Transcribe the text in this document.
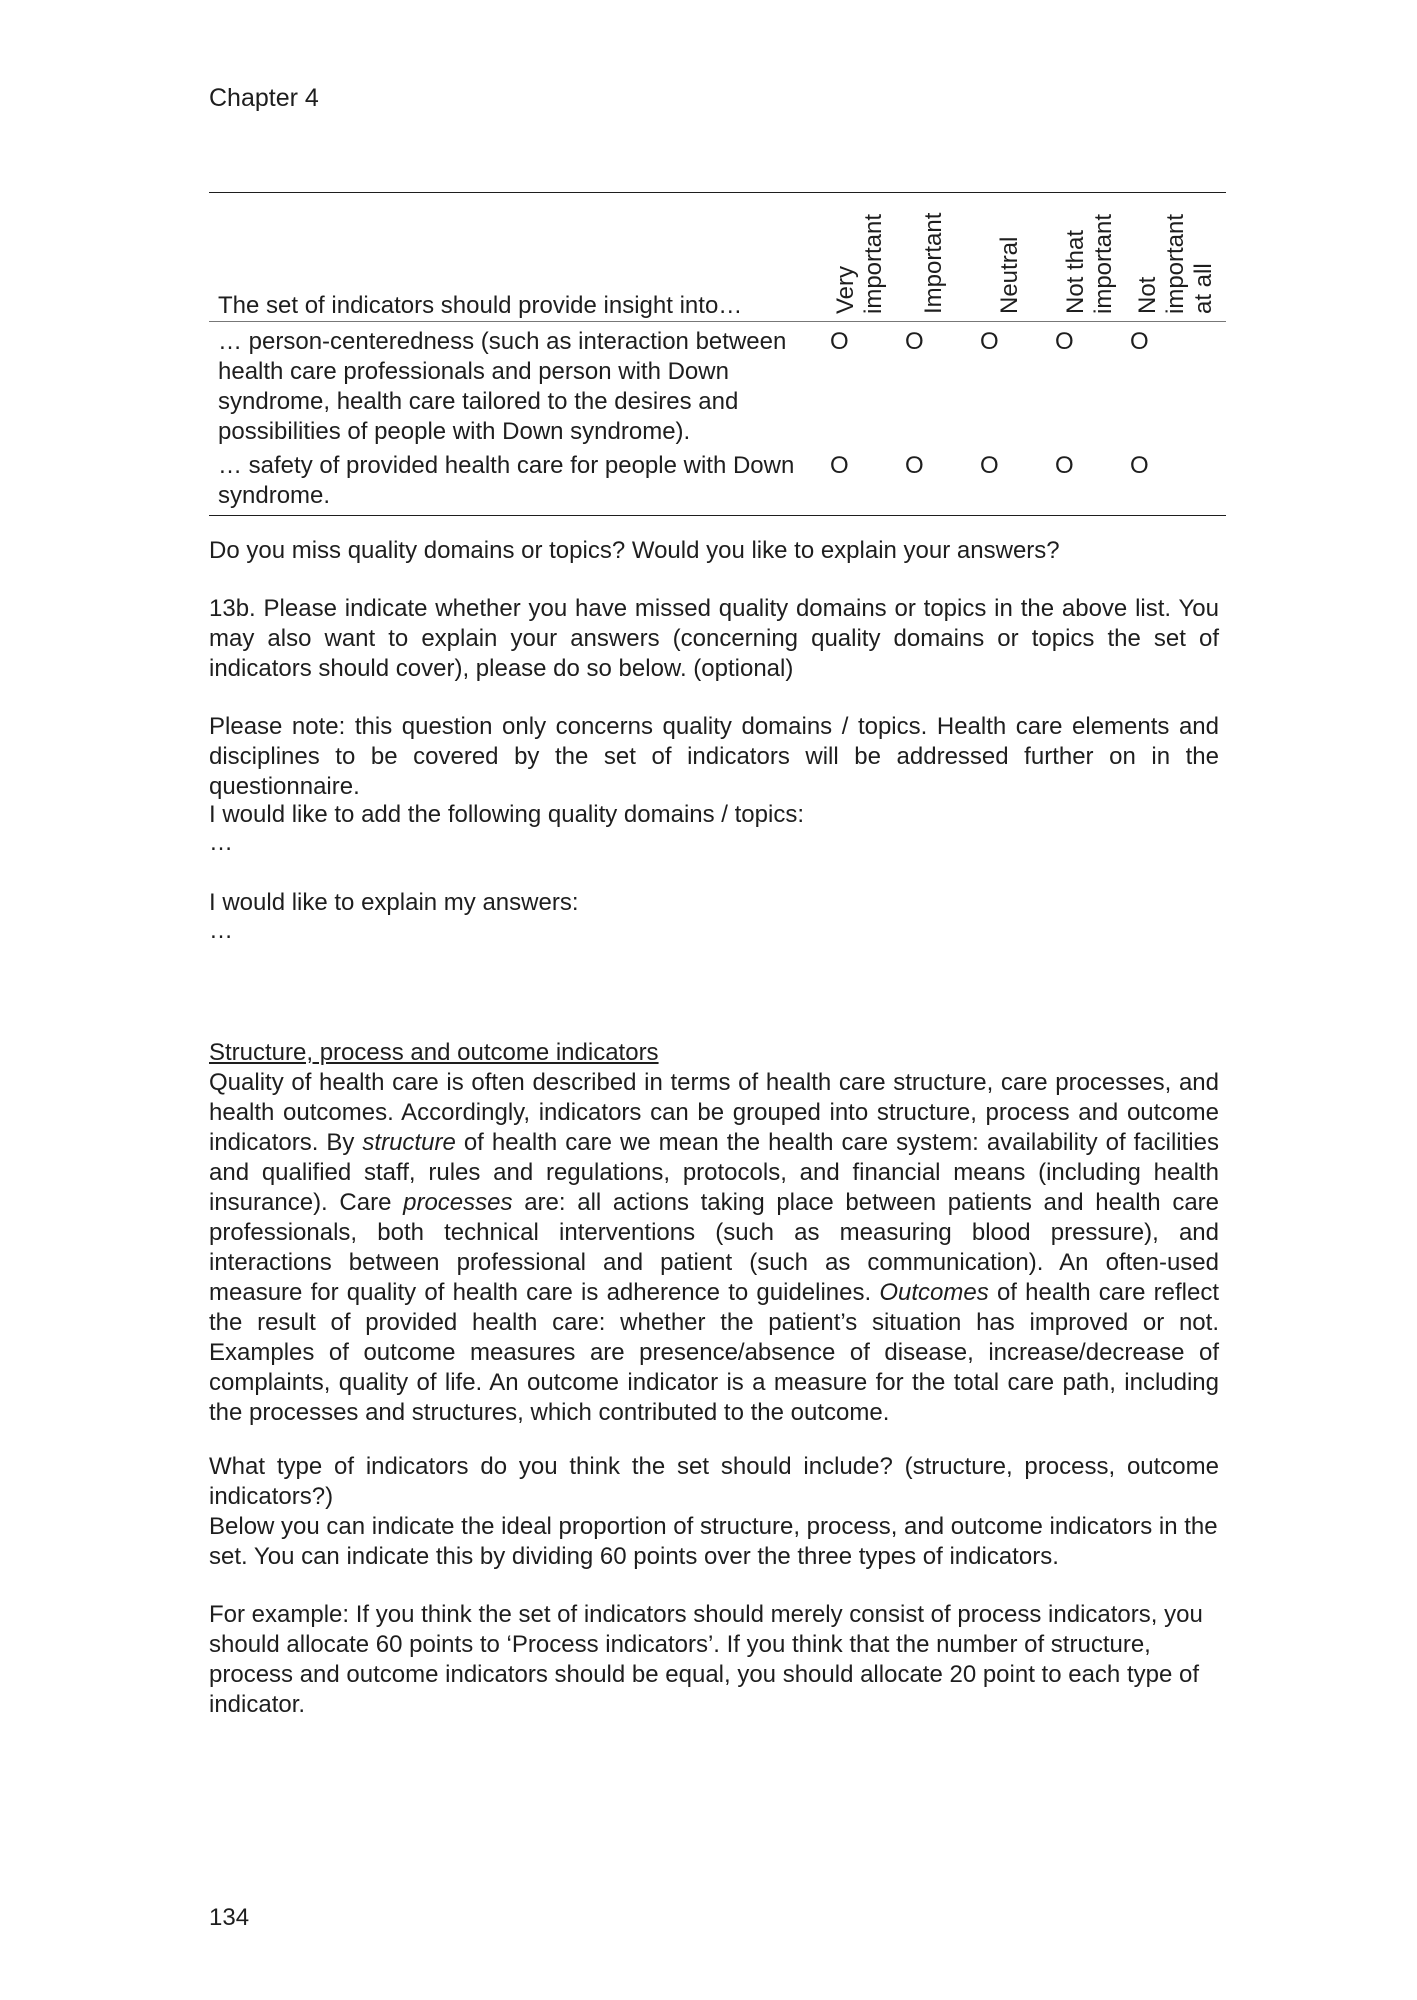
Chapter 4
Very important Important Neutral Not that important Not important at all
The set of indicators should provide insight into…
… person-centeredness (such as interaction between health care professionals and person with Down syndrome, health care tailored to the desires and possibilities of people with Down syndrome).
O O O O O
… safety of provided health care for people with Down syndrome.
O O O O O

Do you miss quality domains or topics? Would you like to explain your answers?

13b. Please indicate whether you have missed quality domains or topics in the above list. You may also want to explain your answers (concerning quality domains or topics the set of indicators should cover), please do so below. (optional)

Please note: this question only concerns quality domains / topics. Health care elements and disciplines to be covered by the set of indicators will be addressed further on in the questionnaire.

I would like to add the following quality domains / topics:

…

I would like to explain my answers:

…

Structure, process and outcome indicators

Quality of health care is often described in terms of health care structure, care processes, and health outcomes. Accordingly, indicators can be grouped into structure, process and outcome indicators. By structure of health care we mean the health care system: availability of facilities and qualified staff, rules and regulations, protocols, and financial means (including health insurance). Care processes are: all actions taking place between patients and health care professionals, both technical interventions (such as measuring blood pressure), and interactions between professional and patient (such as communication). An often-used measure for quality of health care is adherence to guidelines. Outcomes of health care reflect the result of provided health care: whether the patient’s situation has improved or not. Examples of outcome measures are presence/absence of disease, increase/decrease of complaints, quality of life. An outcome indicator is a measure for the total care path, including the processes and structures, which contributed to the outcome.

What type of indicators do you think the set should include? (structure, process, outcome indicators?)

Below you can indicate the ideal proportion of structure, process, and outcome indicators in the set. You can indicate this by dividing 60 points over the three types of indicators.

For example: If you think the set of indicators should merely consist of process indicators, you should allocate 60 points to ‘Process indicators’. If you think that the number of structure, process and outcome indicators should be equal, you should allocate 20 point to each type of indicator.

134
